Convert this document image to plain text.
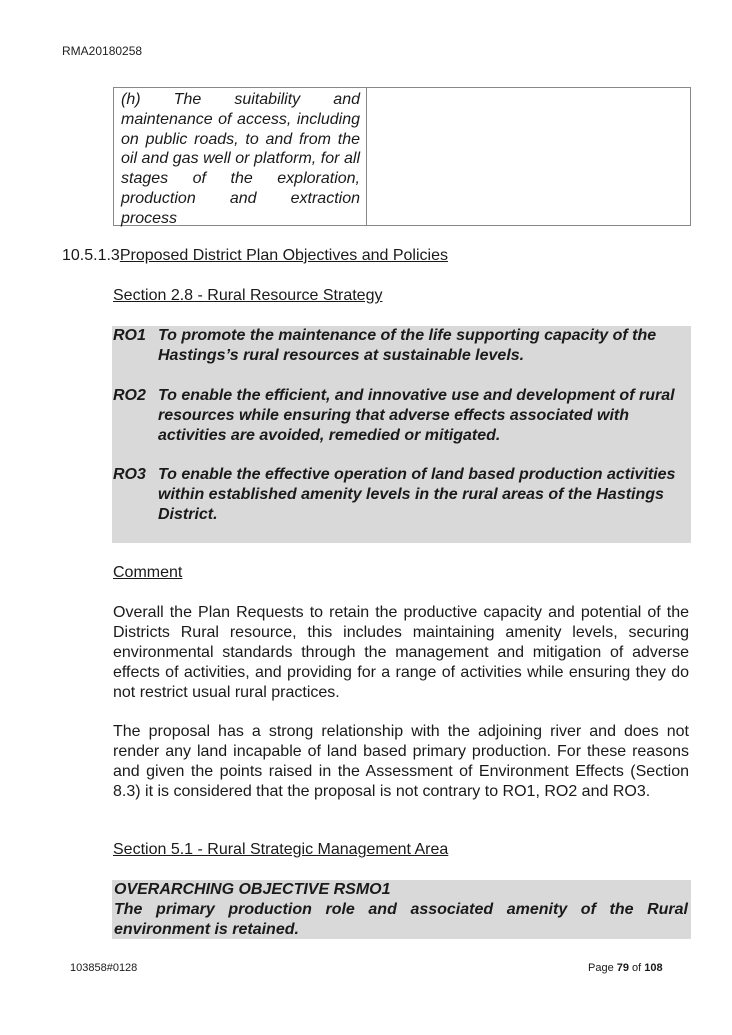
RMA20180258
(h) The suitability and maintenance of access, including on public roads, to and from the oil and gas well or platform, for all stages of the exploration, production and extraction process
10.5.1.3Proposed District Plan Objectives and Policies
Section 2.8 - Rural Resource Strategy
RO1 To promote the maintenance of the life supporting capacity of the Hastings’s rural resources at sustainable levels.
RO2 To enable the efficient, and innovative use and development of rural resources while ensuring that adverse effects associated with activities are avoided, remedied or mitigated.
RO3 To enable the effective operation of land based production activities within established amenity levels in the rural areas of the Hastings District.
Comment
Overall the Plan Requests to retain the productive capacity and potential of the Districts Rural resource, this includes maintaining amenity levels, securing environmental standards through the management and mitigation of adverse effects of activities, and providing for a range of activities while ensuring they do not restrict usual rural practices.
The proposal has a strong relationship with the adjoining river and does not render any land incapable of land based primary production. For these reasons and given the points raised in the Assessment of Environment Effects (Section 8.3) it is considered that the proposal is not contrary to RO1, RO2 and RO3.
Section 5.1 - Rural Strategic Management Area
OVERARCHING OBJECTIVE RSMO1
The primary production role and associated amenity of the Rural environment is retained.
103858#0128	Page 79 of 108
